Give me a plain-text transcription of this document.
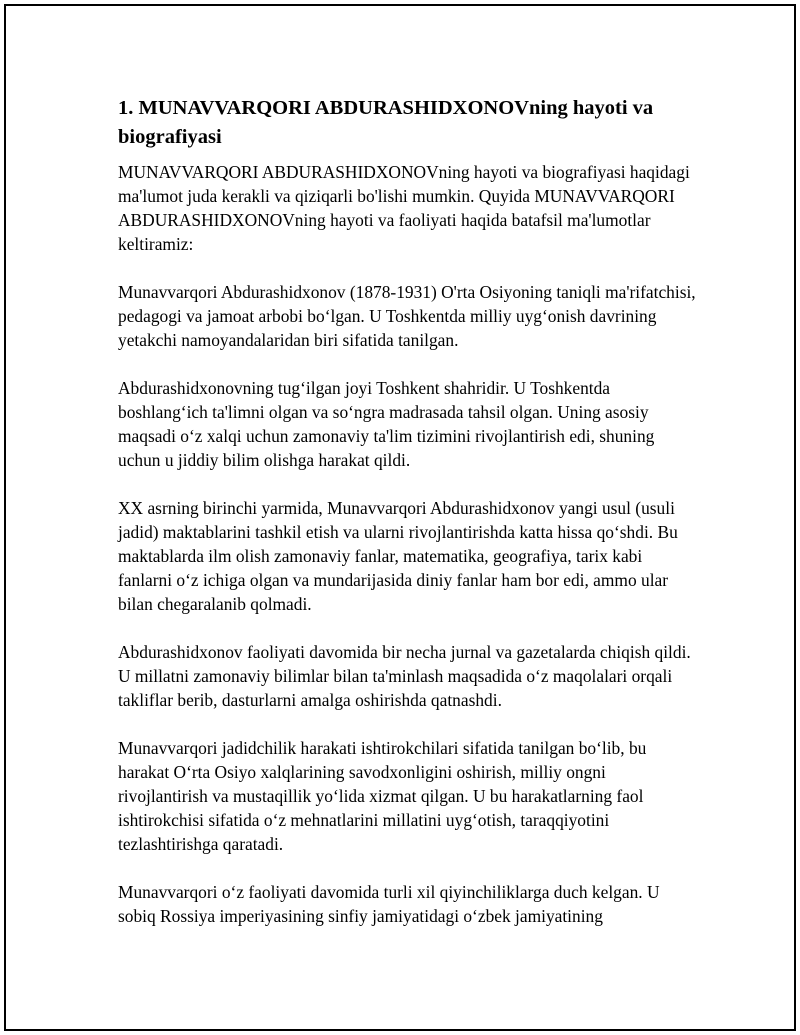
1. MUNAVVARQORI ABDURASHIDXONOVning hayoti va biografiyasi

MUNAVVARQORI ABDURASHIDXONOVning hayoti va biografiyasi haqidagi ma'lumot juda kerakli va qiziqarli bo'lishi mumkin. Quyida MUNAVVARQORI ABDURASHIDXONOVning hayoti va faoliyati haqida batafsil ma'lumotlar keltiramiz:

Munavvarqori Abdurashidxonov (1878-1931) O'rta Osiyoning taniqli ma'rifatchisi, pedagogi va jamoat arbobi bo‘lgan. U Toshkentda milliy uyg‘onish davrining yetakchi namoyandalaridan biri sifatida tanilgan.

Abdurashidxonovning tug‘ilgan joyi Toshkent shahridir. U Toshkentda boshlang‘ich ta'limni olgan va so‘ngra madrasada tahsil olgan. Uning asosiy maqsadi o‘z xalqi uchun zamonaviy ta'lim tizimini rivojlantirish edi, shuning uchun u jiddiy bilim olishga harakat qildi.

XX asrning birinchi yarmida, Munavvarqori Abdurashidxonov yangi usul (usuli jadid) maktablarini tashkil etish va ularni rivojlantirishda katta hissa qo‘shdi. Bu maktablarda ilm olish zamonaviy fanlar, matematika, geografiya, tarix kabi fanlarni o‘z ichiga olgan va mundarijasida diniy fanlar ham bor edi, ammo ular bilan chegaralanib qolmadi.

Abdurashidxonov faoliyati davomida bir necha jurnal va gazetalarda chiqish qildi. U millatni zamonaviy bilimlar bilan ta'minlash maqsadida o‘z maqolalari orqali takliflar berib, dasturlarni amalga oshirishda qatnashdi.

Munavvarqori jadidchilik harakati ishtirokchilari sifatida tanilgan bo‘lib, bu harakat O‘rta Osiyo xalqlarining savodxonligini oshirish, milliy ongni rivojlantirish va mustaqillik yo‘lida xizmat qilgan. U bu harakatlarning faol ishtirokchisi sifatida o‘z mehnatlarini millatini uyg‘otish, taraqqiyotini tezlashtirishga qaratadi.

Munavvarqori o‘z faoliyati davomida turli xil qiyinchiliklarga duch kelgan. U sobiq Rossiya imperiyasining sinfiy jamiyatidagi o‘zbek jamiyatining
